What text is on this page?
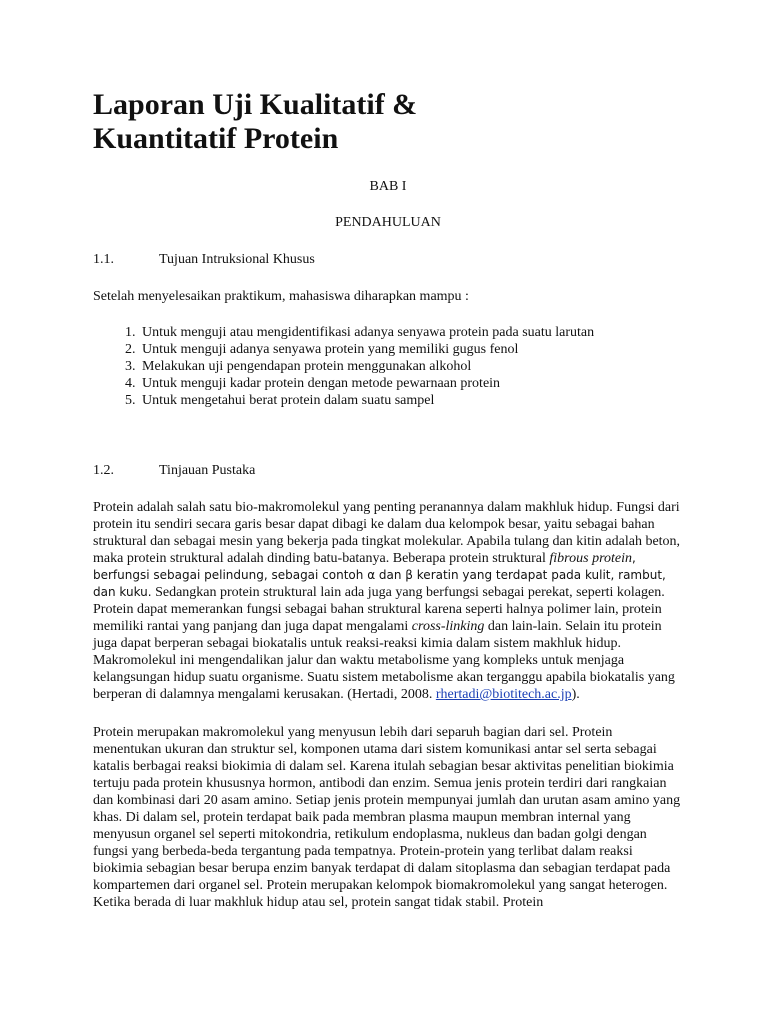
Laporan Uji Kualitatif &
Kuantitatif Protein
BAB I
PENDAHULUAN
1.1.	Tujuan Intruksional Khusus
Setelah menyelesaikan praktikum, mahasiswa diharapkan mampu :
1. Untuk menguji atau mengidentifikasi adanya senyawa protein pada suatu larutan
2. Untuk menguji adanya senyawa protein yang memiliki gugus fenol
3. Melakukan uji pengendapan protein menggunakan alkohol
4. Untuk menguji kadar protein dengan metode pewarnaan protein
5. Untuk mengetahui berat protein dalam suatu sampel
1.2.	Tinjauan Pustaka

Protein adalah salah satu bio-makromolekul yang penting peranannya dalam makhluk hidup. Fungsi dari protein itu sendiri secara garis besar dapat dibagi ke dalam dua kelompok besar, yaitu sebagai bahan struktural dan sebagai mesin yang bekerja pada tingkat molekular. Apabila tulang dan kitin adalah beton, maka protein struktural adalah dinding batu-batanya. Beberapa protein struktural fibrous protein, berfungsi sebagai pelindung, sebagai contoh α dan β keratin yang terdapat pada kulit, rambut, dan kuku. Sedangkan protein struktural lain ada juga yang berfungsi sebagai perekat, seperti kolagen. Protein dapat memerankan fungsi sebagai bahan struktural karena seperti halnya polimer lain, protein memiliki rantai yang panjang dan juga dapat mengalami cross-linking dan lain-lain. Selain itu protein juga dapat berperan sebagai biokatalis untuk reaksi-reaksi kimia dalam sistem makhluk hidup. Makromolekul ini mengendalikan jalur dan waktu metabolisme yang kompleks untuk menjaga kelangsungan hidup suatu organisme. Suatu sistem metabolisme akan terganggu apabila biokatalis yang berperan di dalamnya mengalami kerusakan. (Hertadi, 2008. rhertadi@biotitech.ac.jp).

Protein merupakan makromolekul yang menyusun lebih dari separuh bagian dari sel. Protein menentukan ukuran dan struktur sel, komponen utama dari sistem komunikasi antar sel serta sebagai katalis berbagai reaksi biokimia di dalam sel. Karena itulah sebagian besar aktivitas penelitian biokimia tertuju pada protein khususnya hormon, antibodi dan enzim. Semua jenis protein terdiri dari rangkaian dan kombinasi dari 20 asam amino. Setiap jenis protein mempunyai jumlah dan urutan asam amino yang khas. Di dalam sel, protein terdapat baik pada membran plasma maupun membran internal yang menyusun organel sel seperti mitokondria, retikulum endoplasma, nukleus dan badan golgi dengan fungsi yang berbeda-beda tergantung pada tempatnya. Protein-protein yang terlibat dalam reaksi biokimia sebagian besar berupa enzim banyak terdapat di dalam sitoplasma dan sebagian terdapat pada kompartemen dari organel sel. Protein merupakan kelompok biomakromolekul yang sangat heterogen. Ketika berada di luar makhluk hidup atau sel, protein sangat tidak stabil. Protein
